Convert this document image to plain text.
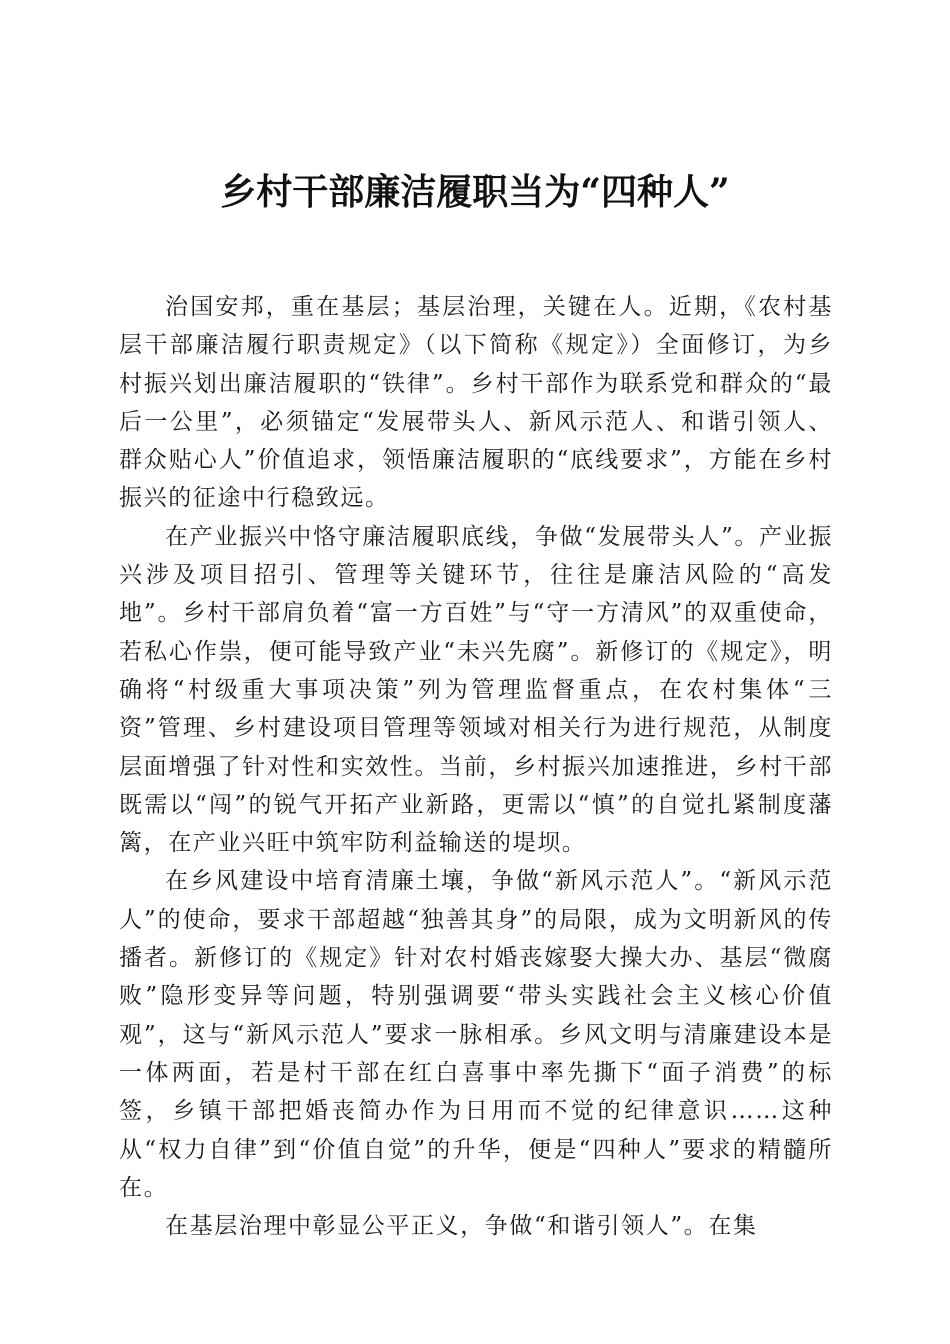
乡村干部廉洁履职当为“四种人”

治国安邦，重在基层；基层治理，关键在人。近期，《农村基层干部廉洁履行职责规定》（以下简称《规定》）全面修订，为乡村振兴划出廉洁履职的“铁律”。乡村干部作为联系党和群众的“最后一公里”，必须锚定“发展带头人、新风示范人、和谐引领人、群众贴心人”价值追求，领悟廉洁履职的“底线要求”，方能在乡村振兴的征途中行稳致远。

在产业振兴中恪守廉洁履职底线，争做“发展带头人”。产业振兴涉及项目招引、管理等关键环节，往往是廉洁风险的“高发地”。乡村干部肩负着“富一方百姓”与“守一方清风”的双重使命，若私心作祟，便可能导致产业“未兴先腐”。新修订的《规定》，明确将“村级重大事项决策”列为管理监督重点，在农村集体“三资”管理、乡村建设项目管理等领域对相关行为进行规范，从制度层面增强了针对性和实效性。当前，乡村振兴加速推进，乡村干部既需以“闯”的锐气开拓产业新路，更需以“慎”的自觉扎紧制度藩篱，在产业兴旺中筑牢防利益输送的堤坝。

在乡风建设中培育清廉土壤，争做“新风示范人”。“新风示范人”的使命，要求干部超越“独善其身”的局限，成为文明新风的传播者。新修订的《规定》针对农村婚丧嫁娶大操大办、基层“微腐败”隐形变异等问题，特别强调要“带头实践社会主义核心价值观”，这与“新风示范人”要求一脉相承。乡风文明与清廉建设本是一体两面，若是村干部在红白喜事中率先撕下“面子消费”的标签，乡镇干部把婚丧简办作为日用而不觉的纪律意识……这种从“权力自律”到“价值自觉”的升华，便是“四种人”要求的精髓所在。

在基层治理中彰显公平正义，争做“和谐引领人”。在集
